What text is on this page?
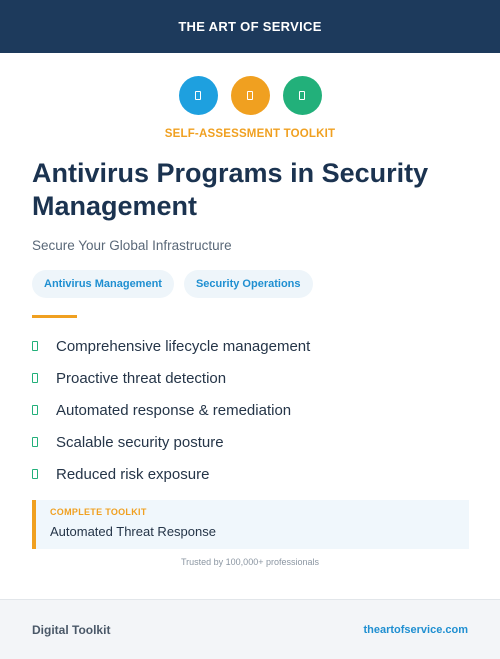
THE ART OF SERVICE
SELF-ASSESSMENT TOOLKIT
Antivirus Programs in Security Management
Secure Your Global Infrastructure
Antivirus Management	Security Operations
Comprehensive lifecycle management
Proactive threat detection
Automated response & remediation
Scalable security posture
Reduced risk exposure
COMPLETE TOOLKIT
Automated Threat Response
Trusted by 100,000+ professionals
Digital Toolkit	theartofservice.com
